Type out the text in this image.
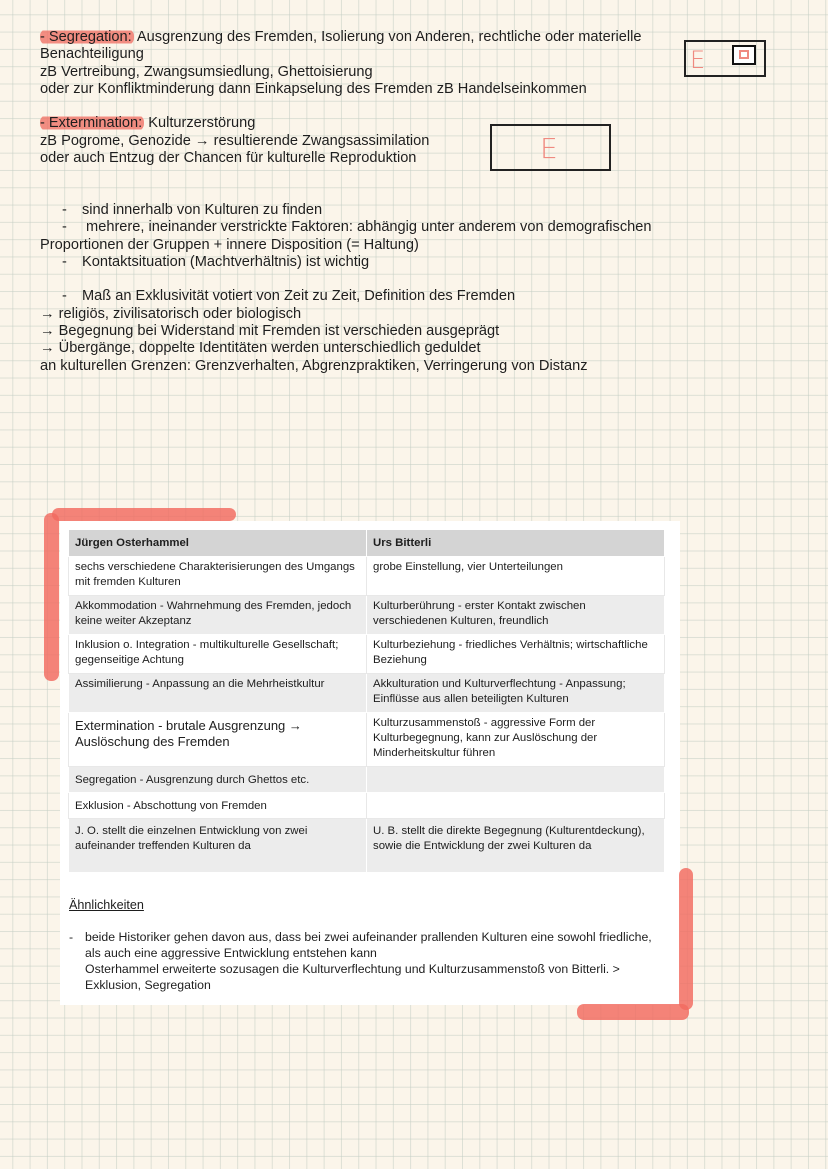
- Segregation: Ausgrenzung des Fremden, Isolierung von Anderen, rechtliche oder materielle

Benachteiligung

zB Vertreibung, Zwangsumsiedlung, Ghettoisierung

oder zur Konfliktminderung dann Einkapselung des Fremden zB Handelseinkommen

- Extermination: Kulturzerstörung

zB Pogrome, Genozide → resultierende Zwangsassimilation

oder auch Entzug der Chancen für kulturelle Reproduktion

- sind innerhalb von Kulturen zu finden

- mehrere, ineinander verstrickte Faktoren: abhängig unter anderem von demografischen

Proportionen der Gruppen + innere Disposition (= Haltung)

- Kontaktsituation (Machtverhältnis) ist wichtig

- Maß an Exklusivität votiert von Zeit zu Zeit, Definition des Fremden

→ religiös, zivilisatorisch oder biologisch

→ Begegnung bei Widerstand mit Fremden ist verschieden ausgeprägt

→ Übergänge, doppelte Identitäten werden unterschiedlich geduldet

an kulturellen Grenzen: Grenzverhalten, Abgrenzpraktiken, Verringerung von Distanz

E
E
Jürgen Osterhammel	Urs Bitterli
sechs verschiedene Charakterisierungen des Umgangs mit fremden Kulturen	grobe Einstellung, vier Unterteilungen
Akkommodation - Wahrnehmung des Fremden, jedoch keine weiter Akzeptanz	Kulturberührung - erster Kontakt zwischen verschiedenen Kulturen, freundlich
Inklusion o. Integration - multikulturelle Gesellschaft; gegenseitige Achtung	Kulturbeziehung - friedliches Verhältnis; wirtschaftliche Beziehung
Assimilierung - Anpassung an die Mehrheistkultur	Akkulturation und Kulturverflechtung - Anpassung; Einflüsse aus allen beteiligten Kulturen
Extermination - brutale Ausgrenzung → Auslöschung des Fremden	Kulturzusammenstoß - aggressive Form der Kulturbegegnung, kann zur Auslöschung der Minderheitskultur führen
Segregation - Ausgrenzung durch Ghettos etc.	
Exklusion - Abschottung von Fremden	
J. O. stellt die einzelnen Entwicklung von zwei aufeinander treffenden Kulturen da	U. B. stellt die direkte Begegnung (Kulturentdeckung), sowie die Entwicklung der zwei Kulturen da
Ähnlichkeiten
- beide Historiker gehen davon aus, dass bei zwei aufeinander prallenden Kulturen eine sowohl friedliche, als auch eine aggressive Entwicklung entstehen kann
Osterhammel erweiterte sozusagen die Kulturverflechtung und Kulturzusammenstoß von Bitterli. > Exklusion, Segregation
